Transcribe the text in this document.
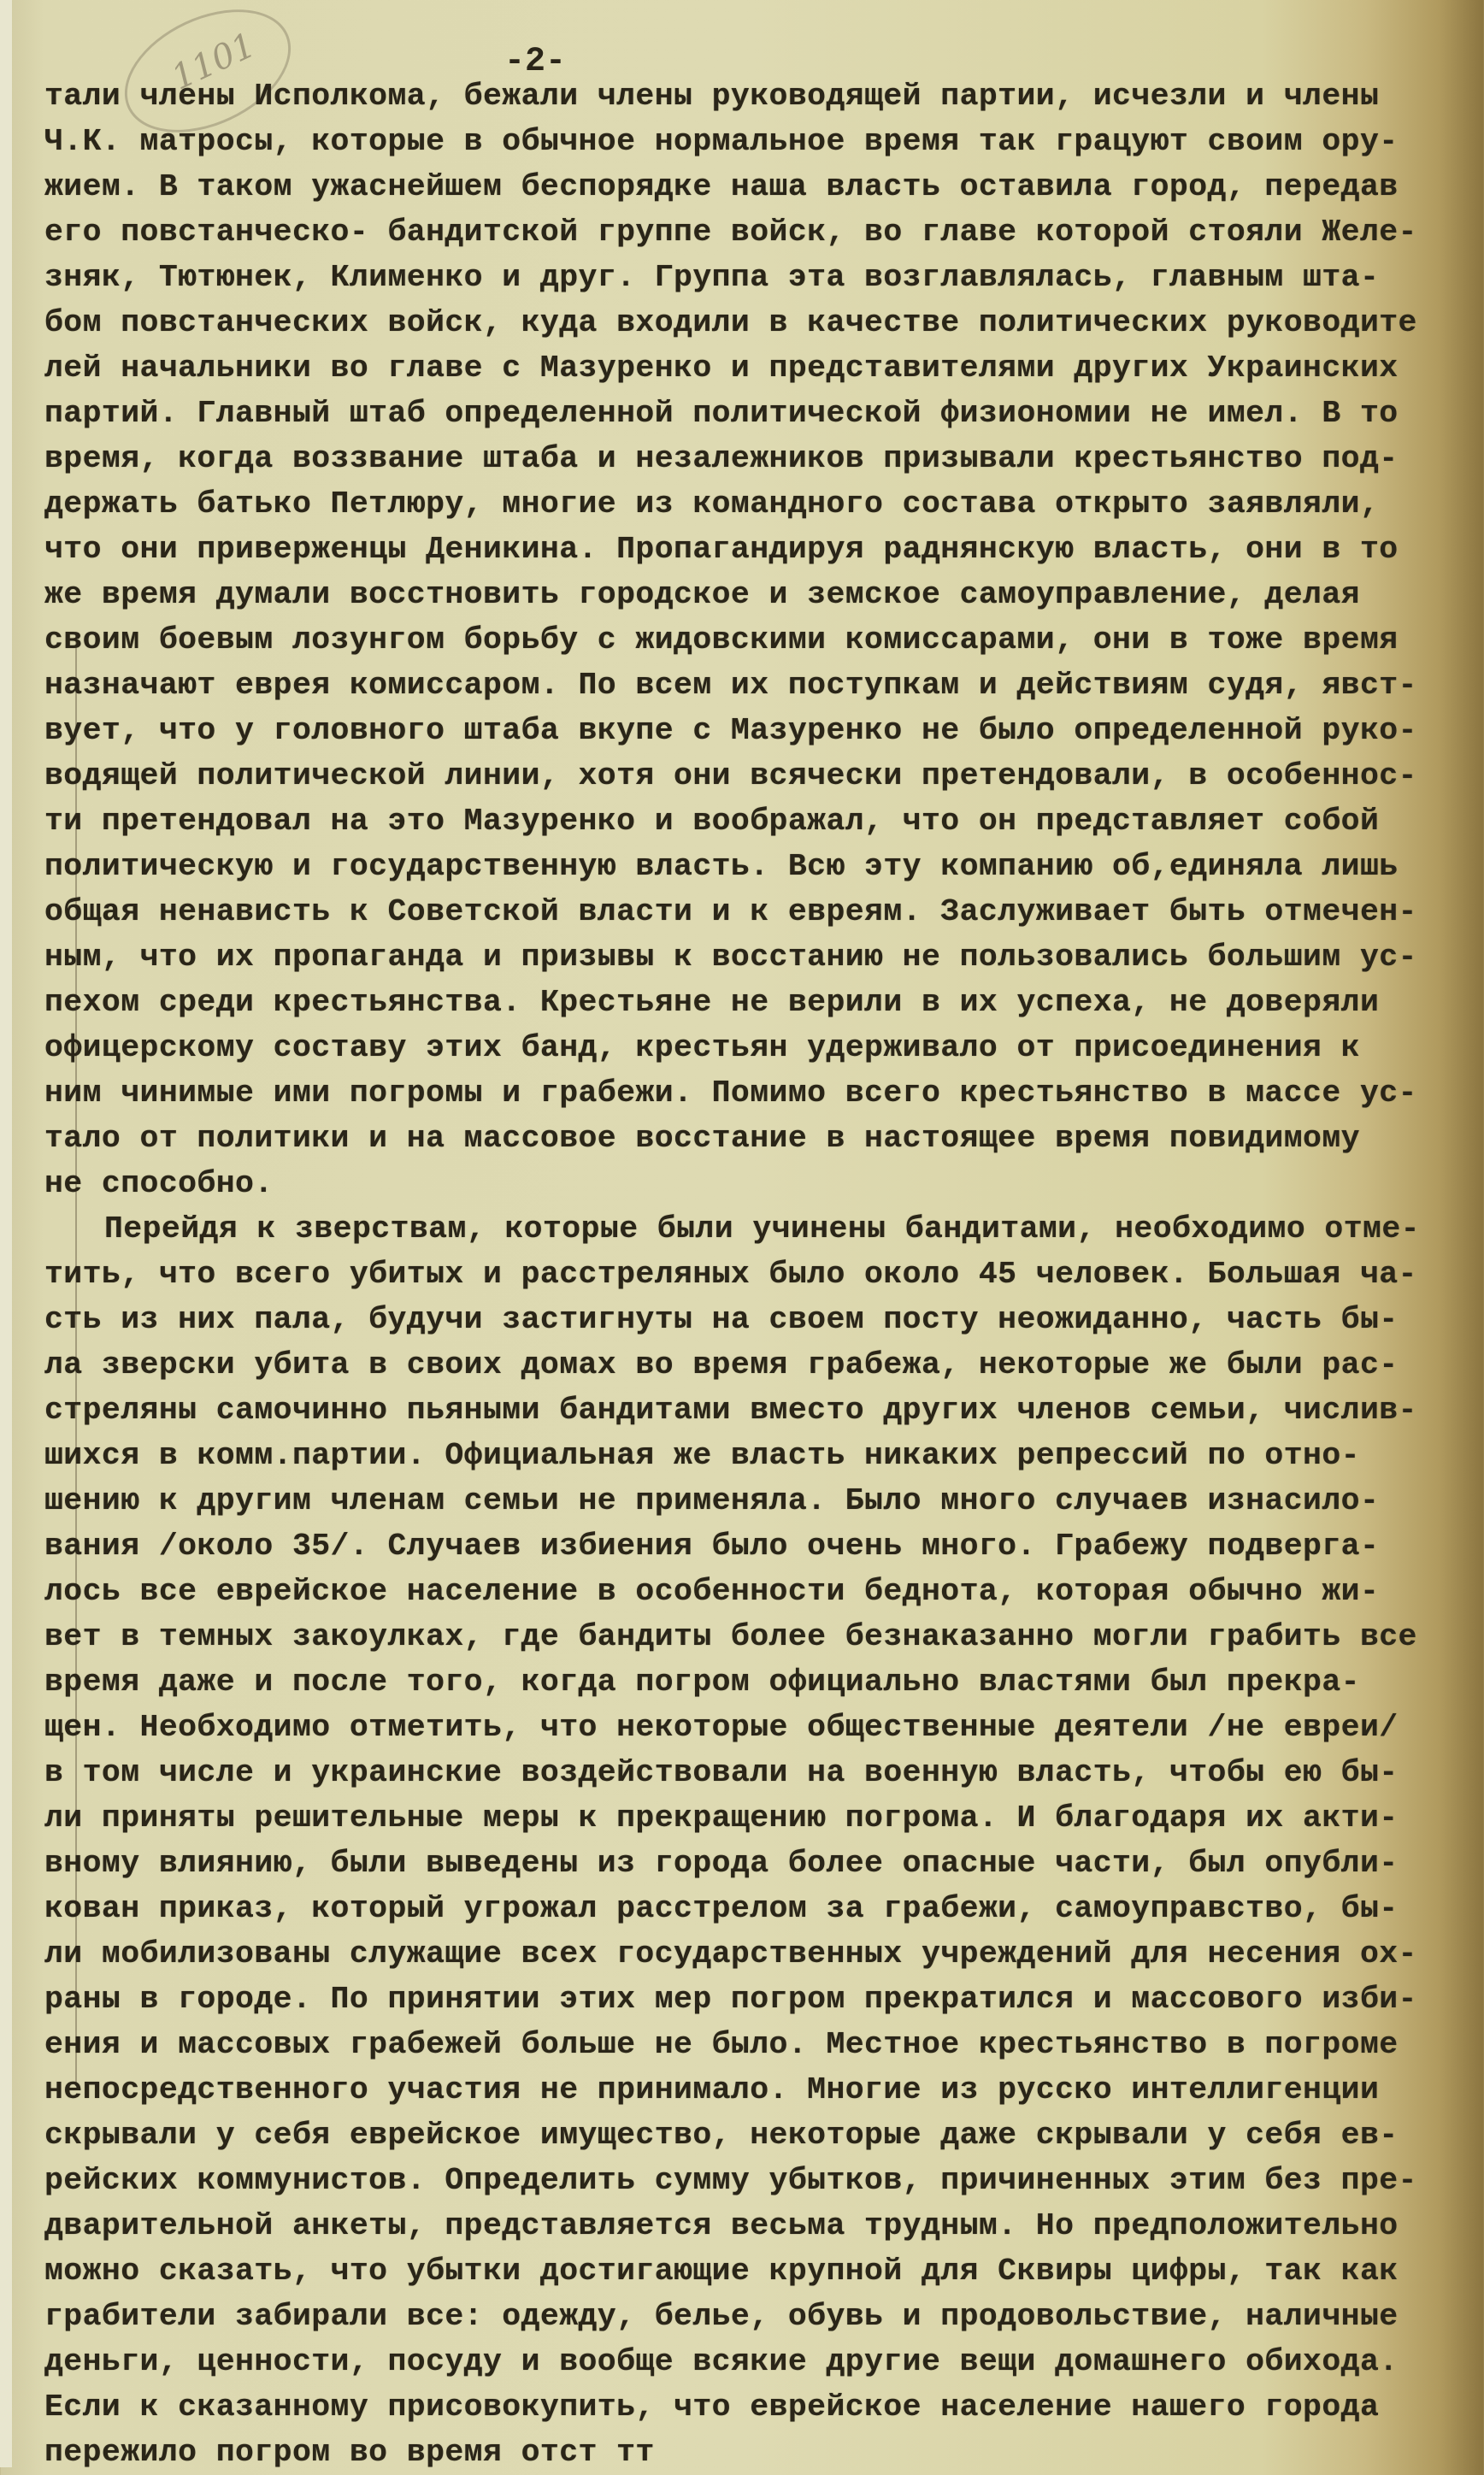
1101	-2-
тали члены Исполкома, бежали члены руководящей партии, исчезли и члены
Ч.К. матросы, которые в обычное нормальное время так грацуют своим ору-
жием. В таком ужаснейшем беспорядке наша власть оставила город, передав
его повстанческо- бандитской группе войск, во главе которой стояли Желе-
зняк, Тютюнек, Клименко и друг. Группа эта возглавлялась, главным шта-
бом повстанческих войск, куда входили в качестве политических руководите
лей начальники во главе с Мазуренко и представителями других Украинских
партий. Главный штаб определенной политической физиономии не имел. В то
время, когда воззвание штаба и незалежников призывали крестьянство под-
держать батько Петлюру, многие из командного состава открыто заявляли,
что они приверженцы Деникина. Пропагандируя раднянскую власть, они в то
же время думали восстновить городское и земское самоуправление, делая
своим боевым лозунгом борьбу с жидовскими комиссарами, они в тоже время
назначают еврея комиссаром. По всем их поступкам и действиям судя, явст-
вует, что у головного штаба вкупе с Мазуренко не было определенной руко-
водящей политической линии, хотя они всячески претендовали, в особеннос-
ти претендовал на это Мазуренко и воображал, что он представляет собой
политическую и государственную власть. Всю эту компанию об,единяла лишь
общая ненависть к Советской власти и к евреям. Заслуживает быть отмечен-
ным, что их пропаганда и призывы к восстанию не пользовались большим ус-
пехом среди крестьянства. Крестьяне не верили в их успеха, не доверяли
офицерскому составу этих банд, крестьян удерживало от присоединения к
ним чинимые ими погромы и грабежи. Помимо всего крестьянство в массе ус-
тало от политики и на массовое восстание в настоящее время повидимому
не способно.
Перейдя к зверствам, которые были учинены бандитами, необходимо отме-
тить, что всего убитых и расстреляных было около 45 человек. Большая ча-
сть из них пала, будучи застигнуты на своем посту неожиданно, часть бы-
ла зверски убита в своих домах во время грабежа, некоторые же были рас-
стреляны самочинно пьяными бандитами вместо других членов семьи, числив-
шихся в комм.партии. Официальная же власть никаких репрессий по отно-
шению к другим членам семьи не применяла. Было много случаев изнасило-
вания /около 35/. Случаев избиения было очень много. Грабежу подверга-
лось все еврейское население в особенности беднота, которая обычно жи-
вет в темных закоулках, где бандиты более безнаказанно могли грабить все
время даже и после того, когда погром официально властями был прекра-
щен. Необходимо отметить, что некоторые общественные деятели /не евреи/
в том числе и украинские воздействовали на военную власть, чтобы ею бы-
ли приняты решительные меры к прекращению погрома. И благодаря их акти-
вному влиянию, были выведены из города более опасные части, был опубли-
кован приказ, который угрожал расстрелом за грабежи, самоуправство, бы-
ли мобилизованы служащие всех государственных учреждений для несения ох-
раны в городе. По принятии этих мер погром прекратился и массового изби-
ения и массовых грабежей больше не было. Местное крестьянство в погроме
непосредственного участия не принимало. Многие из русско интеллигенции
скрывали у себя еврейское имущество, некоторые даже скрывали у себя ев-
рейских коммунистов. Определить сумму убытков, причиненных этим без пре-
дварительной анкеты, представляется весьма трудным. Но предположительно
можно сказать, что убытки достигающие крупной для Сквиры цифры, так как
грабители забирали все: одежду, белье, обувь и продовольствие, наличные
деньги, ценности, посуду и вообще всякие другие вещи домашнего обихода.
Если к сказанному присовокупить, что еврейское население нашего города
пережило погром во время отст тт
